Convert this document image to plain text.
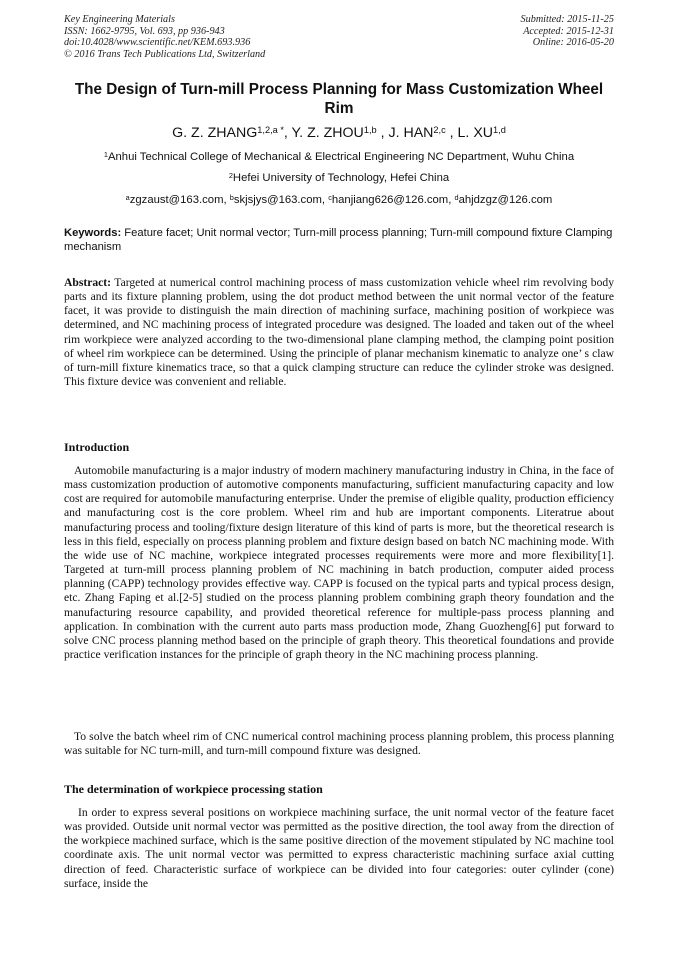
Key Engineering Materials
ISSN: 1662-9795, Vol. 693, pp 936-943
doi:10.4028/www.scientific.net/KEM.693.936
© 2016 Trans Tech Publications Ltd, Switzerland
Submitted: 2015-11-25
Accepted: 2015-12-31
Online: 2016-05-20
The Design of Turn-mill Process Planning for Mass Customization Wheel Rim
G. Z. $ZHANG^{1,2,a *}$, Y. Z. ZHOU$^{1,b}$ , J. HAN$^{2,c}$ , L. XU$^{1,d}$
$^1$Anhui Technical College of Mechanical & Electrical Engineering NC Department, Wuhu China
$^2$Hefei University of Technology, Hefei China
$^a$zgzaust@163.com, $^b$skjsjys@163.com, $^c$hanjiang626@126.com, $^d$ahjdzgz@126.com
Keywords: Feature facet; Unit normal vector; Turn-mill process planning; Turn-mill compound fixture Clamping mechanism
Abstract: Targeted at numerical control machining process of mass customization vehicle wheel rim revolving body parts and its fixture planning problem, using the dot product method between the unit normal vector of the feature facet, it was provide to distinguish the main direction of machining surface, machining position of workpiece was determined, and NC machining process of integrated procedure was designed. The loaded and taken out of the wheel rim workpiece were analyzed according to the two-dimensional plane clamping method, the clamping point position of wheel rim workpiece can be determined. Using the principle of planar mechanism kinematic to analyze one’ s claw of turn-mill fixture kinematics trace, so that a quick clamping structure can reduce the cylinder stroke was designed. This fixture device was convenient and reliable.
Introduction

Automobile manufacturing is a major industry of modern machinery manufacturing industry in China, in the face of mass customization production of automotive components manufacturing, sufficient manufacturing capacity and low cost are required for automobile manufacturing enterprise. Under the premise of eligible quality, production efficiency and manufacturing cost is the core problem. Wheel rim and hub are important components. Literatrue about manufacturing process and tooling/fixture design literature of this kind of parts is more, but the theoretical research is less in this field, especially on process planning problem and fixture design based on batch NC machining mode. With the wide use of NC machine, workpiece integrated processes requirements were more and more flexibility[1]. Targeted at turn-mill process planning problem of NC machining in batch production, computer aided process planning (CAPP) technology provides effective way. CAPP is focused on the typical parts and typical process design, etc. Zhang Faping et al.[2-5] studied on the process planning problem combining graph theory foundation and the manufacturing resource capability, and provided theoretical reference for multiple-pass process planning and application. In combination with the current auto parts mass production mode, Zhang Guozheng[6] put forward to solve CNC process planning method based on the principle of graph theory. This theoretical foundations and provide practice verification instances for the principle of graph theory in the NC machining process planning.

To solve the batch wheel rim of CNC numerical control machining process planning problem, this process planning was suitable for NC turn-mill, and turn-mill compound fixture was designed.

The determination of workpiece processing station

In order to express several positions on workpiece machining surface, the unit normal vector of the feature facet was provided. Outside unit normal vector was permitted as the positive direction, the tool away from the direction of the workpiece machined surface, which is the same positive direction of the movement stipulated by NC machine tool coordinate axis. The unit normal vector was permitted to express characteristic machining surface axial cutting direction of feed. Characteristic surface of workpiece can be divided into four categories: outer cylinder (cone) surface, inside the
